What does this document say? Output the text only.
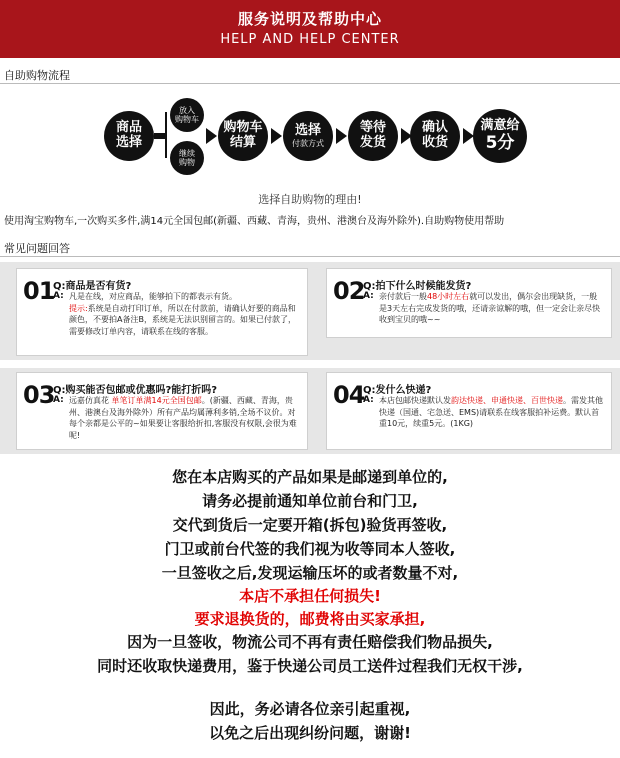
服务说明及帮助中心
HELP AND HELP CENTER
自助购物流程
商品
选择
放入
购物车
继续
购物
购物车
结算
选择
付款方式
等待
发货
确认
收货
满意给
5分
选择自助购物的理由!
使用淘宝购物车,一次购买多件,满14元全国包邮(新疆、西藏、青海，贵州、港澳台及海外除外).自助购物使用帮助
常见问题回答
01
Q:商品是否有货?
A: 凡是在线，对应商品，能够拍下的都表示有货。
提示:系统是自动打印订单，所以在付款前，请确认好要的商品和颜色，不要拍A备注B，系统是无法识别留言的。如果已付款了，需要修改订单内容，请联系在线的客服。
02
Q:拍下什么时候能发货?
A: 亲付款后一般48小时左右就可以发出，偶尔会出现缺货，一般是3天左右完成发货的哦，还请亲谅解的哦，但一定会让亲尽快收到宝贝的哦~~
03
Q:购买能否包邮或优惠吗?能打折吗?
A: 远嘉仿真花 单笔订单满14元全国包邮。(新疆、西藏、青海，贵州、港澳台及海外除外）所有产品均属薄利多销,全场不议价。对每个亲都是公平的~如果要让客服给折扣,客服没有权限,会很为难呢!
04
Q:发什么快递?
A: 本店包邮快递默认发韵达快递、申通快递、百世快递。需发其他快递（国通、宅急送、EMS)请联系在线客服拍补运费。默认首重10元，续重5元。(1KG)
您在本店购买的产品如果是邮递到单位的,
请务必提前通知单位前台和门卫,
交代到货后一定要开箱(拆包)验货再签收,
门卫或前台代签的我们视为收等同本人签收,
一旦签收之后,发现运输压坏的或者数量不对,
本店不承担任何损失!
要求退换货的，邮费将由买家承担,
因为一旦签收，物流公司不再有责任赔偿我们物品损失,
同时还收取快递费用，鉴于快递公司员工送件过程我们无权干涉,
因此，务必请各位亲引起重视,
以免之后出现纠纷问题，谢谢!
